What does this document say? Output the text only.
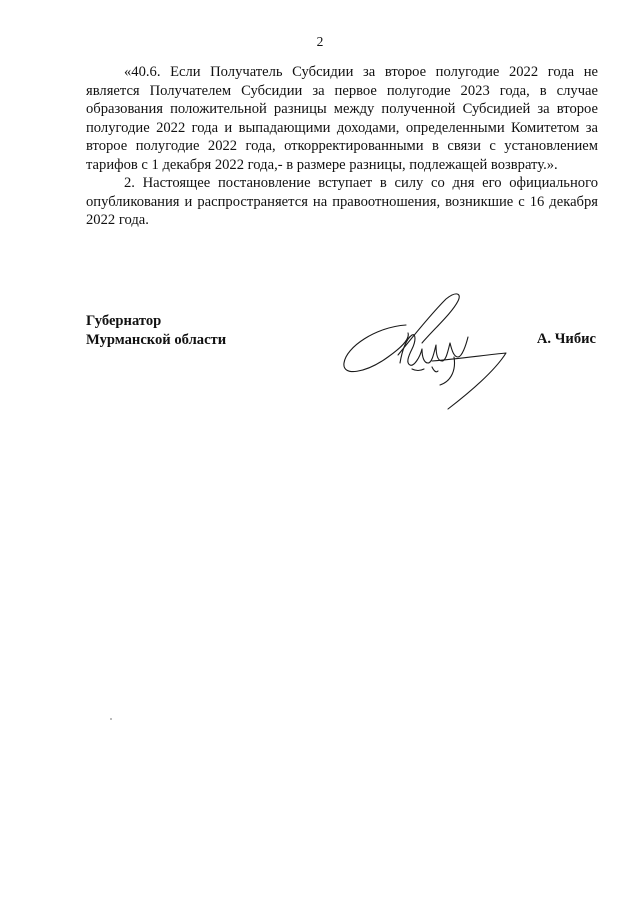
2

«40.6. Если Получатель Субсидии за второе полугодие 2022 года не является Получателем Субсидии за первое полугодие 2023 года, в случае образования положительной разницы между полученной Субсидией за второе полугодие 2022 года и выпадающими доходами, определенными Комитетом за второе полугодие 2022 года, откорректированными в связи с установлением тарифов с 1 декабря 2022 года,- в размере разницы, подлежащей возврату.».

2. Настоящее постановление вступает в силу со дня его официального опубликования и распространяется на правоотношения, возникшие с 16 декабря 2022 года.

Губернатор
Мурманской области	А. Чибис
